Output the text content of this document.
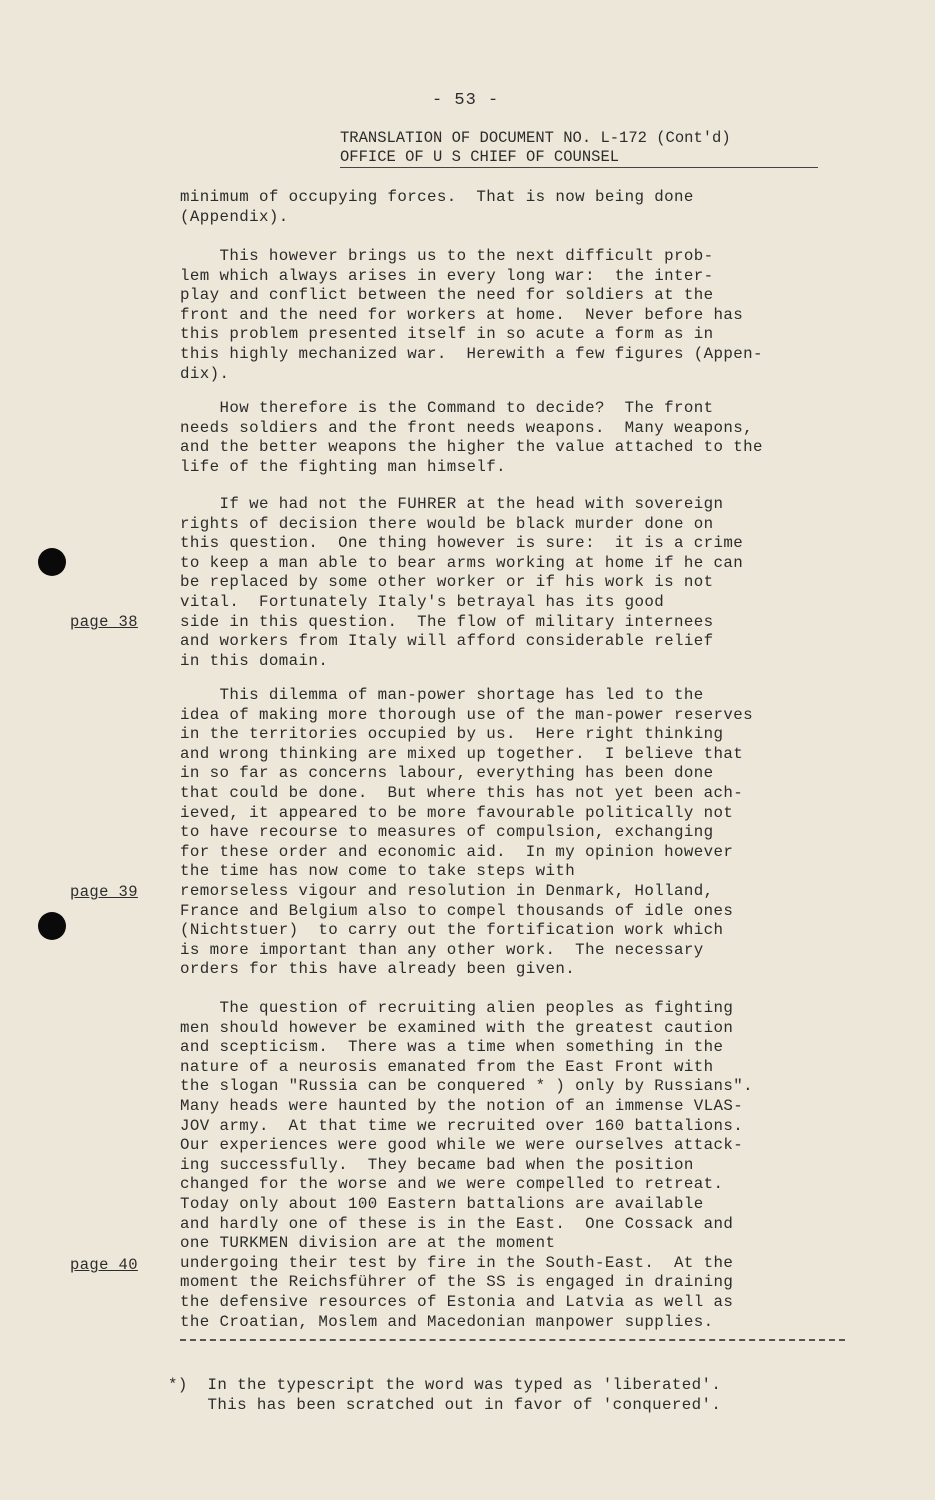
- 53 -
TRANSLATION OF DOCUMENT NO. L-172 (Cont'd)
OFFICE OF U S CHIEF OF COUNSEL
minimum of occupying forces.  That is now being done
(Appendix).
This however brings us to the next difficult prob-
lem which always arises in every long war:  the inter-
play and conflict between the need for soldiers at the
front and the need for workers at home.  Never before has
this problem presented itself in so acute a form as in
this highly mechanized war.  Herewith a few figures (Appen-
dix).
How therefore is the Command to decide?  The front
needs soldiers and the front needs weapons.  Many weapons,
and the better weapons the higher the value attached to the
life of the fighting man himself.
If we had not the FUHRER at the head with sovereign
rights of decision there would be black murder done on
this question.  One thing however is sure:  it is a crime
to keep a man able to bear arms working at home if he can
be replaced by some other worker or if his work is not
vital.  Fortunately Italy's betrayal has its good
side in this question.  The flow of military internees
and workers from Italy will afford considerable relief
in this domain.
This dilemma of man-power shortage has led to the
idea of making more thorough use of the man-power reserves
in the territories occupied by us.  Here right thinking
and wrong thinking are mixed up together.  I believe that
in so far as concerns labour, everything has been done
that could be done.  But where this has not yet been ach-
ieved, it appeared to be more favourable politically not
to have recourse to measures of compulsion, exchanging
for these order and economic aid.  In my opinion however
the time has now come to take steps with
remorseless vigour and resolution in Denmark, Holland,
France and Belgium also to compel thousands of idle ones
(Nichtstuer)  to carry out the fortification work which
is more important than any other work.  The necessary
orders for this have already been given.
The question of recruiting alien peoples as fighting
men should however be examined with the greatest caution
and scepticism.  There was a time when something in the
nature of a neurosis emanated from the East Front with
the slogan "Russia can be conquered * ) only by Russians".
Many heads were haunted by the notion of an immense VLAS-
JOV army.  At that time we recruited over 160 battalions.
Our experiences were good while we were ourselves attack-
ing successfully.  They became bad when the position
changed for the worse and we were compelled to retreat.
Today only about 100 Eastern battalions are available
and hardly one of these is in the East.  One Cossack and
one TURKMEN division are at the moment
undergoing their test by fire in the South-East.  At the
moment the Reichsführer of the SS is engaged in draining
the defensive resources of Estonia and Latvia as well as
the Croatian, Moslem and Macedonian manpower supplies.
page 38
page 39
page 40
*)  In the typescript the word was typed as 'liberated'.
This has been scratched out in favor of 'conquered'.
